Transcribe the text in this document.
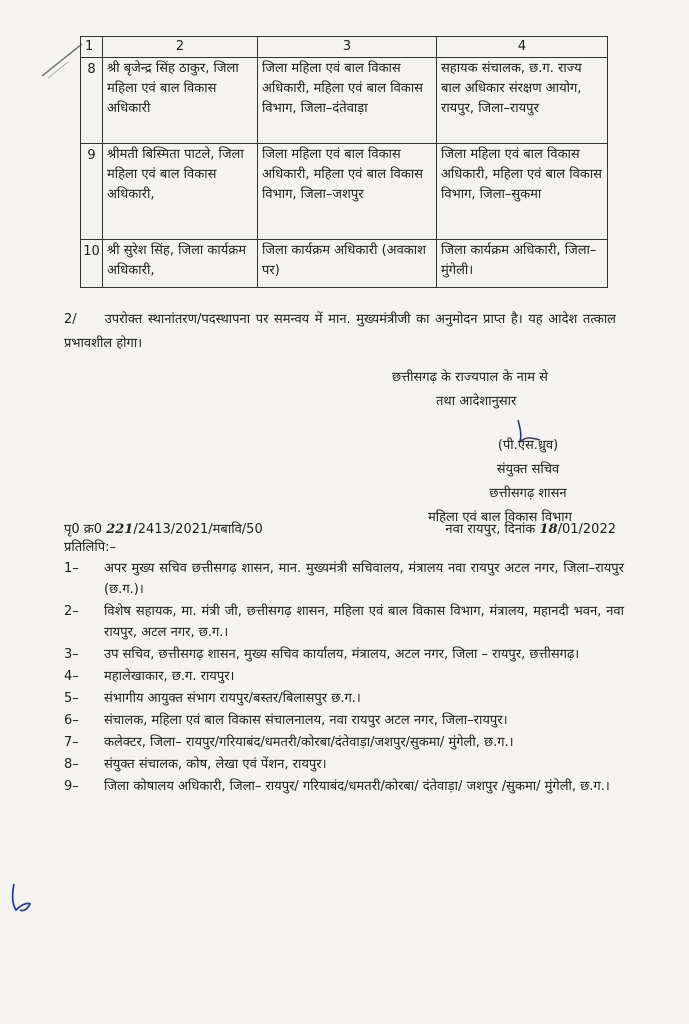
1	2	3	4
8	श्री बृजेन्द्र सिंह ठाकुर, जिला महिला एवं बाल विकास अधिकारी	जिला महिला एवं बाल विकास अधिकारी, महिला एवं बाल विकास विभाग, जिला–दंतेवाड़ा	सहायक संचालक, छ.ग. राज्य बाल अधिकार संरक्षण आयोग, रायपुर, जिला–रायपुर
9	श्रीमती बिस्मिता पाटले, जिला महिला एवं बाल विकास अधिकारी,	जिला महिला एवं बाल विकास अधिकारी, महिला एवं बाल विकास विभाग, जिला–जशपुर	जिला महिला एवं बाल विकास अधिकारी, महिला एवं बाल विकास विभाग, जिला–सुकमा
10	श्री सुरेश सिंह, जिला कार्यक्रम अधिकारी,	जिला कार्यक्रम अधिकारी (अवकाश पर)	जिला कार्यक्रम अधिकारी, जिला–मुंगेली।
2/ उपरोक्त स्थानांतरण/पदस्थापना पर समन्वय में मान. मुख्यमंत्रीजी का अनुमोदन प्राप्त है। यह आदेश तत्काल प्रभावशील होगा।
छत्तीसगढ़ के राज्यपाल के नाम से
तथा आदेशानुसार
(पी.एस.ध्रुव)
संयुक्त सचिव
छत्तीसगढ़ शासन
महिला एवं बाल विकास विभाग
पृ0 क्र0 221/2413/2021/मबावि/50	नवा रायपुर, दिनांक 18/01/2022
प्रतिलिपि:–
1–	अपर मुख्य सचिव छत्तीसगढ़ शासन, मान. मुख्यमंत्री सचिवालय, मंत्रालय नवा रायपुर अटल नगर, जिला–रायपुर (छ.ग.)।
2–	विशेष सहायक, मा. मंत्री जी, छत्तीसगढ़ शासन, महिला एवं बाल विकास विभाग, मंत्रालय, महानदी भवन, नवा रायपुर, अटल नगर, छ.ग.।
3–	उप सचिव, छत्तीसगढ़ शासन, मुख्य सचिव कार्यालय, मंत्रालय, अटल नगर, जिला – रायपुर, छत्तीसगढ़।
4–	महालेखाकार, छ.ग. रायपुर।
5–	संभागीय आयुक्त संभाग रायपुर/बस्तर/बिलासपुर छ.ग.।
6–	संचालक, महिला एवं बाल विकास संचालनालय, नवा रायपुर अटल नगर, जिला–रायपुर।
7–	कलेक्टर, जिला– रायपुर/गरियाबंद/धमतरी/कोरबा/दंतेवाड़ा/जशपुर/सुकमा/ मुंगेली, छ.ग.।
8–	संयुक्त संचालक, कोष, लेखा एवं पेंशन, रायपुर।
9–	जिला कोषालय अधिकारी, जिला– रायपुर/ गरियाबंद/धमतरी/कोरबा/ दंतेवाड़ा/ जशपुर /सुकमा/ मुंगेली, छ.ग.।
